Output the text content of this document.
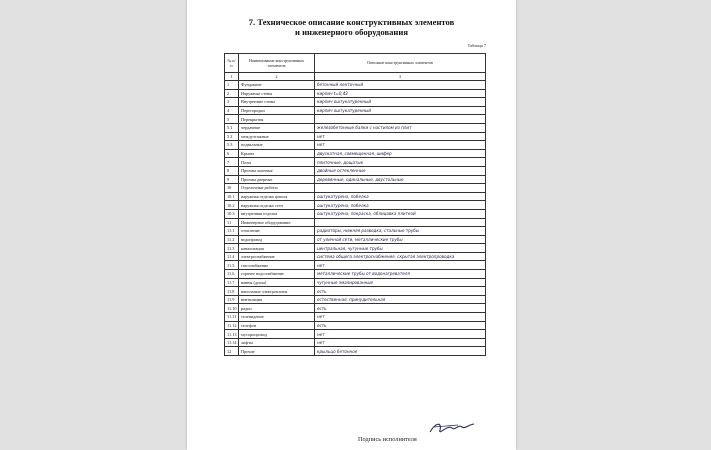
7. Техническое описание конструктивных элементов
и инженерного оборудования
Таблица 7
№ п/п	Наименование конструктивных элементов	Описание конструктивных элементов
1	2	3
1	Фундамент	бетонный ленточный
2	Наружные стены	кирпич t=0,42
3	Внутренние стены	кирпич оштукатуренный
4	Перегородки	кирпич оштукатуренный
5	Перекрытия	
5.1	чердачные	железобетонные балки с настилом из плит
5.2	междуэтажные	нет
5.3	подвальные	нет
6	Крыша	двускатная, совмещенная, шифер
7	Полы	плиточные, дощатые
8	Проемы оконные	двойные остекленные
9	Проемы дверные	деревянные, одинальные, двустольные
10	Отделочные работы	
10.1	наружная отделка цоколя	оштукатурена, побелка
10.2	наружная отделка стен	оштукатурена, побелка
10.3	внутренняя отделка	оштукатурена, покраска, облицовка плиткой
11	Инженерное оборудование:	
11.1	отопление	радиаторы, нижняя разводка, стальные трубы
11.2	водопровод	от уличной сети, металлические трубы
11.3	канализация	центральная, чугунные трубы
11.4	электроснабжение	система общего электроснабжения, скрытая электропроводка
11.5	газоснабжение	нет
11.6	горячее водоснабжение	металлические трубы от водонагревателя
11.7	ванны (души)	чугунные эмалированные
11.8	напольные электроплиты	есть
11.9	вентиляция	естественная, принудительная
11.10	радио	есть
11.11	телевидение	нет
11.12	телефон	есть
11.13	мусоропровод	нет
11.14	лифты	нет
12	Прочие	крыльцо бетонное
Подпись исполнителя
